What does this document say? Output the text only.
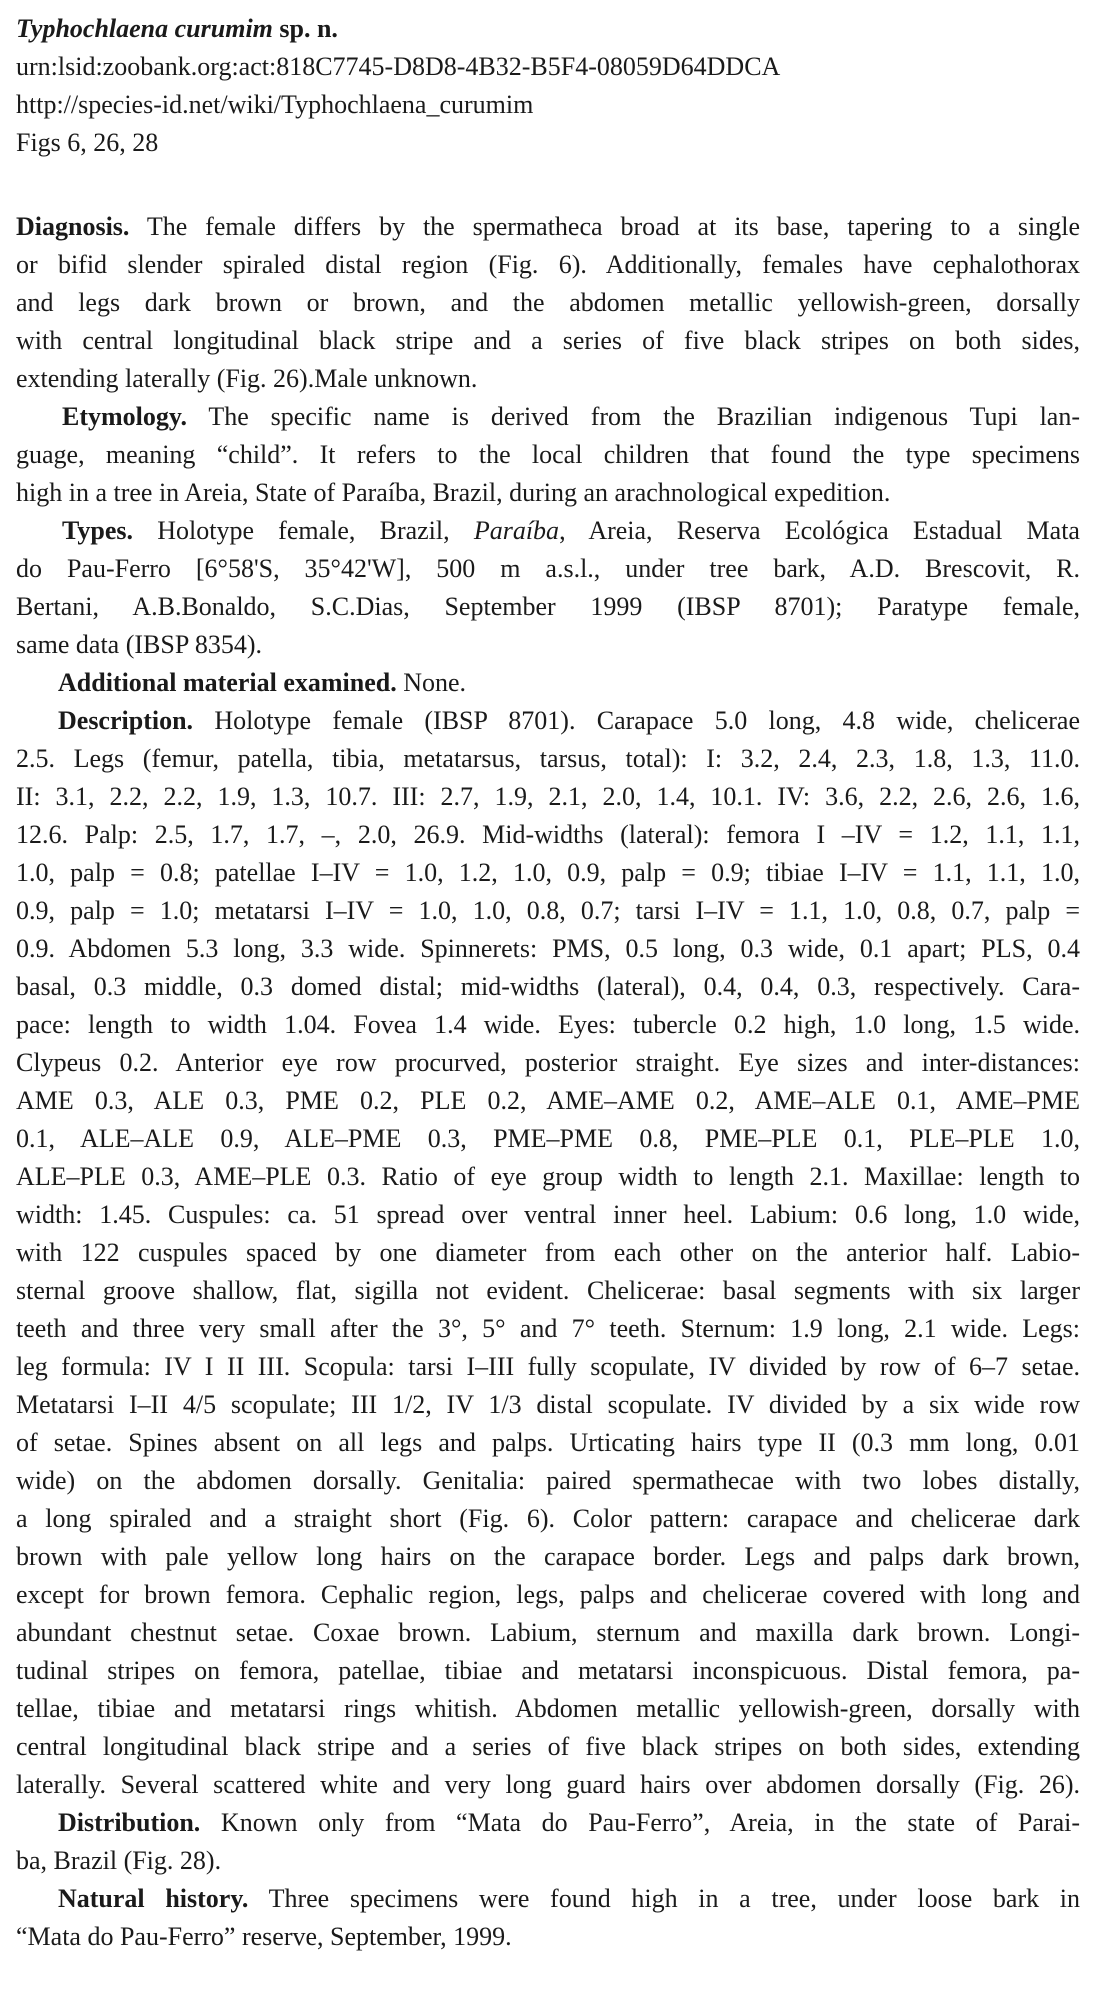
Typhochlaena curumim sp. n.
urn:lsid:zoobank.org:act:818C7745-D8D8-4B32-B5F4-08059D64DDCA
http://species-id.net/wiki/Typhochlaena_curumim
Figs 6, 26, 28
Diagnosis. The female differs by the spermatheca broad at its base, tapering to a single
or bifid slender spiraled distal region (Fig. 6). Additionally, females have cephalothorax
and legs dark brown or brown, and the abdomen metallic yellowish-green, dorsally
with central longitudinal black stripe and a series of five black stripes on both sides,
extending laterally (Fig. 26).Male unknown.
Etymology. The specific name is derived from the Brazilian indigenous Tupi lan-
guage, meaning “child”. It refers to the local children that found the type specimens
high in a tree in Areia, State of Paraíba, Brazil, during an arachnological expedition.
Types. Holotype female, Brazil, Paraíba, Areia, Reserva Ecológica Estadual Mata
do Pau-Ferro [6°58'S, 35°42'W], 500 m a.s.l., under tree bark, A.D. Brescovit, R.
Bertani, A.B.Bonaldo, S.C.Dias, September 1999 (IBSP 8701); Paratype female,
same data (IBSP 8354).
Additional material examined. None.
Description. Holotype female (IBSP 8701). Carapace 5.0 long, 4.8 wide, chelicerae
2.5. Legs (femur, patella, tibia, metatarsus, tarsus, total): I: 3.2, 2.4, 2.3, 1.8, 1.3, 11.0.
II: 3.1, 2.2, 2.2, 1.9, 1.3, 10.7. III: 2.7, 1.9, 2.1, 2.0, 1.4, 10.1. IV: 3.6, 2.2, 2.6, 2.6, 1.6,
12.6. Palp: 2.5, 1.7, 1.7, –, 2.0, 26.9. Mid-widths (lateral): femora I –IV = 1.2, 1.1, 1.1,
1.0, palp = 0.8; patellae I–IV = 1.0, 1.2, 1.0, 0.9, palp = 0.9; tibiae I–IV = 1.1, 1.1, 1.0,
0.9, palp = 1.0; metatarsi I–IV = 1.0, 1.0, 0.8, 0.7; tarsi I–IV = 1.1, 1.0, 0.8, 0.7, palp =
0.9. Abdomen 5.3 long, 3.3 wide. Spinnerets: PMS, 0.5 long, 0.3 wide, 0.1 apart; PLS, 0.4
basal, 0.3 middle, 0.3 domed distal; mid-widths (lateral), 0.4, 0.4, 0.3, respectively. Cara-
pace: length to width 1.04. Fovea 1.4 wide. Eyes: tubercle 0.2 high, 1.0 long, 1.5 wide.
Clypeus 0.2. Anterior eye row procurved, posterior straight. Eye sizes and inter-distances:
AME 0.3, ALE 0.3, PME 0.2, PLE 0.2, AME–AME 0.2, AME–ALE 0.1, AME–PME
0.1, ALE–ALE 0.9, ALE–PME 0.3, PME–PME 0.8, PME–PLE 0.1, PLE–PLE 1.0,
ALE–PLE 0.3, AME–PLE 0.3. Ratio of eye group width to length 2.1. Maxillae: length to
width: 1.45. Cuspules: ca. 51 spread over ventral inner heel. Labium: 0.6 long, 1.0 wide,
with 122 cuspules spaced by one diameter from each other on the anterior half. Labio-
sternal groove shallow, flat, sigilla not evident. Chelicerae: basal segments with six larger
teeth and three very small after the 3°, 5° and 7° teeth. Sternum: 1.9 long, 2.1 wide. Legs:
leg formula: IV I II III. Scopula: tarsi I–III fully scopulate, IV divided by row of 6–7 setae.
Metatarsi I–II 4/5 scopulate; III 1/2, IV 1/3 distal scopulate. IV divided by a six wide row
of setae. Spines absent on all legs and palps. Urticating hairs type II (0.3 mm long, 0.01
wide) on the abdomen dorsally. Genitalia: paired spermathecae with two lobes distally,
a long spiraled and a straight short (Fig. 6). Color pattern: carapace and chelicerae dark
brown with pale yellow long hairs on the carapace border. Legs and palps dark brown,
except for brown femora. Cephalic region, legs, palps and chelicerae covered with long and
abundant chestnut setae. Coxae brown. Labium, sternum and maxilla dark brown. Longi-
tudinal stripes on femora, patellae, tibiae and metatarsi inconspicuous. Distal femora, pa-
tellae, tibiae and metatarsi rings whitish. Abdomen metallic yellowish-green, dorsally with
central longitudinal black stripe and a series of five black stripes on both sides, extending
laterally. Several scattered white and very long guard hairs over abdomen dorsally (Fig. 26).
Distribution. Known only from “Mata do Pau-Ferro”, Areia, in the state of Parai-
ba, Brazil (Fig. 28).
Natural history. Three specimens were found high in a tree, under loose bark in
“Mata do Pau-Ferro” reserve, September, 1999.
